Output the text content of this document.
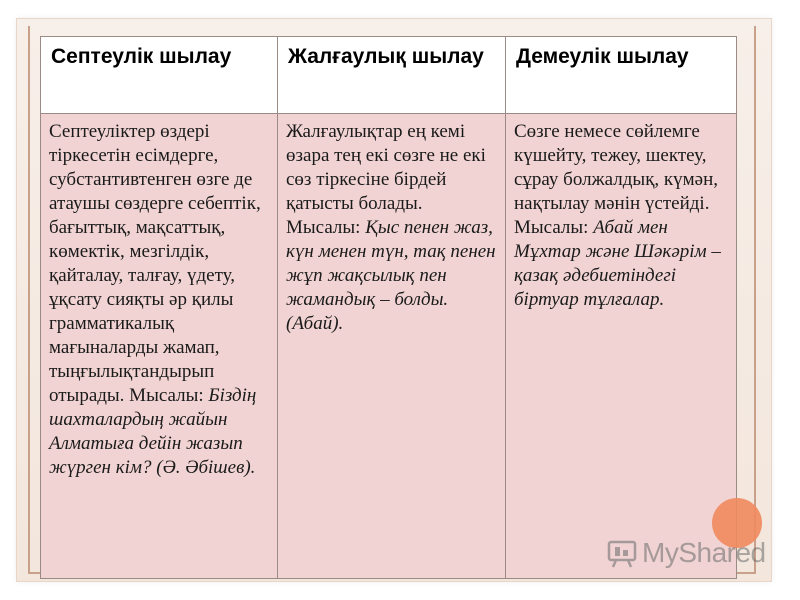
Септеулік шылау	Жалғаулық шылау	Демеулік шылау
Септеуліктер өздері тіркесетін есімдерге, субстантивтенген өзге де атаушы сөздерге себептік, бағыттық, мақсаттық, көмектік, мезгілдік, қайталау, талғау, үдету, ұқсату сияқты әр қилы грамматикалық мағыналарды жамап, тыңғылықтандырып отырады. Мысалы: Біздің шахталардың жайын Алматыға дейін жазып жүрген кім? (Ә. Әбішев).	Жалғаулықтар ең кемі өзара тең екі сөзге не екі сөз тіркесіне бірдей қатысты болады. Мысалы: Қыс пенен жаз, күн менен түн, тақ пенен жұп жақсылық пен жамандық – болды. (Абай).	Сөзге немесе сөйлемге күшейту, тежеу, шектеу, сұрау болжалдық, күмән, нақтылау мәнін үстейді. Мысалы: Абай мен Мұхтар және Шәкәрім – қазақ әдебиетіндегі біртуар тұлғалар.
MyShared
